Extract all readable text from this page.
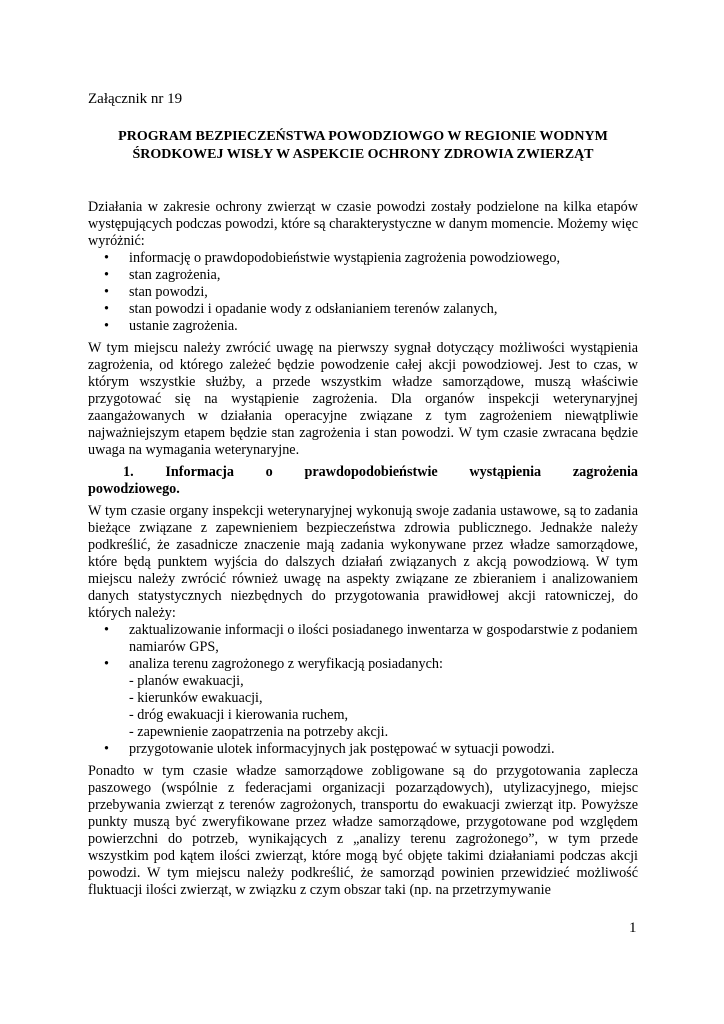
Załącznik nr 19
PROGRAM BEZPIECZEŃSTWA POWODZIOWGO W REGIONIE WODNYM
ŚRODKOWEJ WISŁY W ASPEKCIE OCHRONY ZDROWIA ZWIERZĄT

Działania w zakresie ochrony zwierząt w czasie powodzi zostały podzielone na kilka etapów występujących podczas powodzi, które są charakterystyczne w danym momencie. Możemy więc wyróżnić:

• informację o prawdopodobieństwie wystąpienia zagrożenia powodziowego,
• stan zagrożenia,
• stan powodzi,
• stan powodzi i opadanie wody z odsłanianiem terenów zalanych,
• ustanie zagrożenia.

W tym miejscu należy zwrócić uwagę na pierwszy sygnał dotyczący możliwości wystąpienia zagrożenia, od którego zależeć będzie powodzenie całej akcji powodziowej. Jest to czas, w którym wszystkie służby, a przede wszystkim władze samorządowe, muszą właściwie przygotować się na wystąpienie zagrożenia. Dla organów inspekcji weterynaryjnej zaangażowanych w działania operacyjne związane z tym zagrożeniem niewątpliwie najważniejszym etapem będzie stan zagrożenia i stan powodzi. W tym czasie zwracana będzie uwaga na wymagania weterynaryjne.

1. Informacja o prawdopodobieństwie wystąpienia zagrożenia
powodziowego.

W tym czasie organy inspekcji weterynaryjnej wykonują swoje zadania ustawowe, są to zadania bieżące związane z zapewnieniem bezpieczeństwa zdrowia publicznego. Jednakże należy podkreślić, że zasadnicze znaczenie mają zadania wykonywane przez władze samorządowe, które będą punktem wyjścia do dalszych działań związanych z akcją powodziową. W tym miejscu należy zwrócić również uwagę na aspekty związane ze zbieraniem i analizowaniem danych statystycznych niezbędnych do przygotowania prawidłowej akcji ratowniczej, do których należy:

• zaktualizowanie informacji o ilości posiadanego inwentarza w gospodarstwie z podaniem namiarów GPS,
• analiza terenu zagrożonego z weryfikacją posiadanych:
- planów ewakuacji,
- kierunków ewakuacji,
- dróg ewakuacji i kierowania ruchem,
- zapewnienie zaopatrzenia na potrzeby akcji.
• przygotowanie ulotek informacyjnych jak postępować w sytuacji powodzi.

Ponadto w tym czasie władze samorządowe zobligowane są do przygotowania zaplecza paszowego (wspólnie z federacjami organizacji pozarządowych), utylizacyjnego, miejsc przebywania zwierząt z terenów zagrożonych, transportu do ewakuacji zwierząt itp. Powyższe punkty muszą być zweryfikowane przez władze samorządowe, przygotowane pod względem powierzchni do potrzeb, wynikających z „analizy terenu zagrożonego”, w tym przede wszystkim pod kątem ilości zwierząt, które mogą być objęte takimi działaniami podczas akcji powodzi. W tym miejscu należy podkreślić, że samorząd powinien przewidzieć możliwość fluktuacji ilości zwierząt, w związku z czym obszar taki (np. na przetrzymywanie

1
